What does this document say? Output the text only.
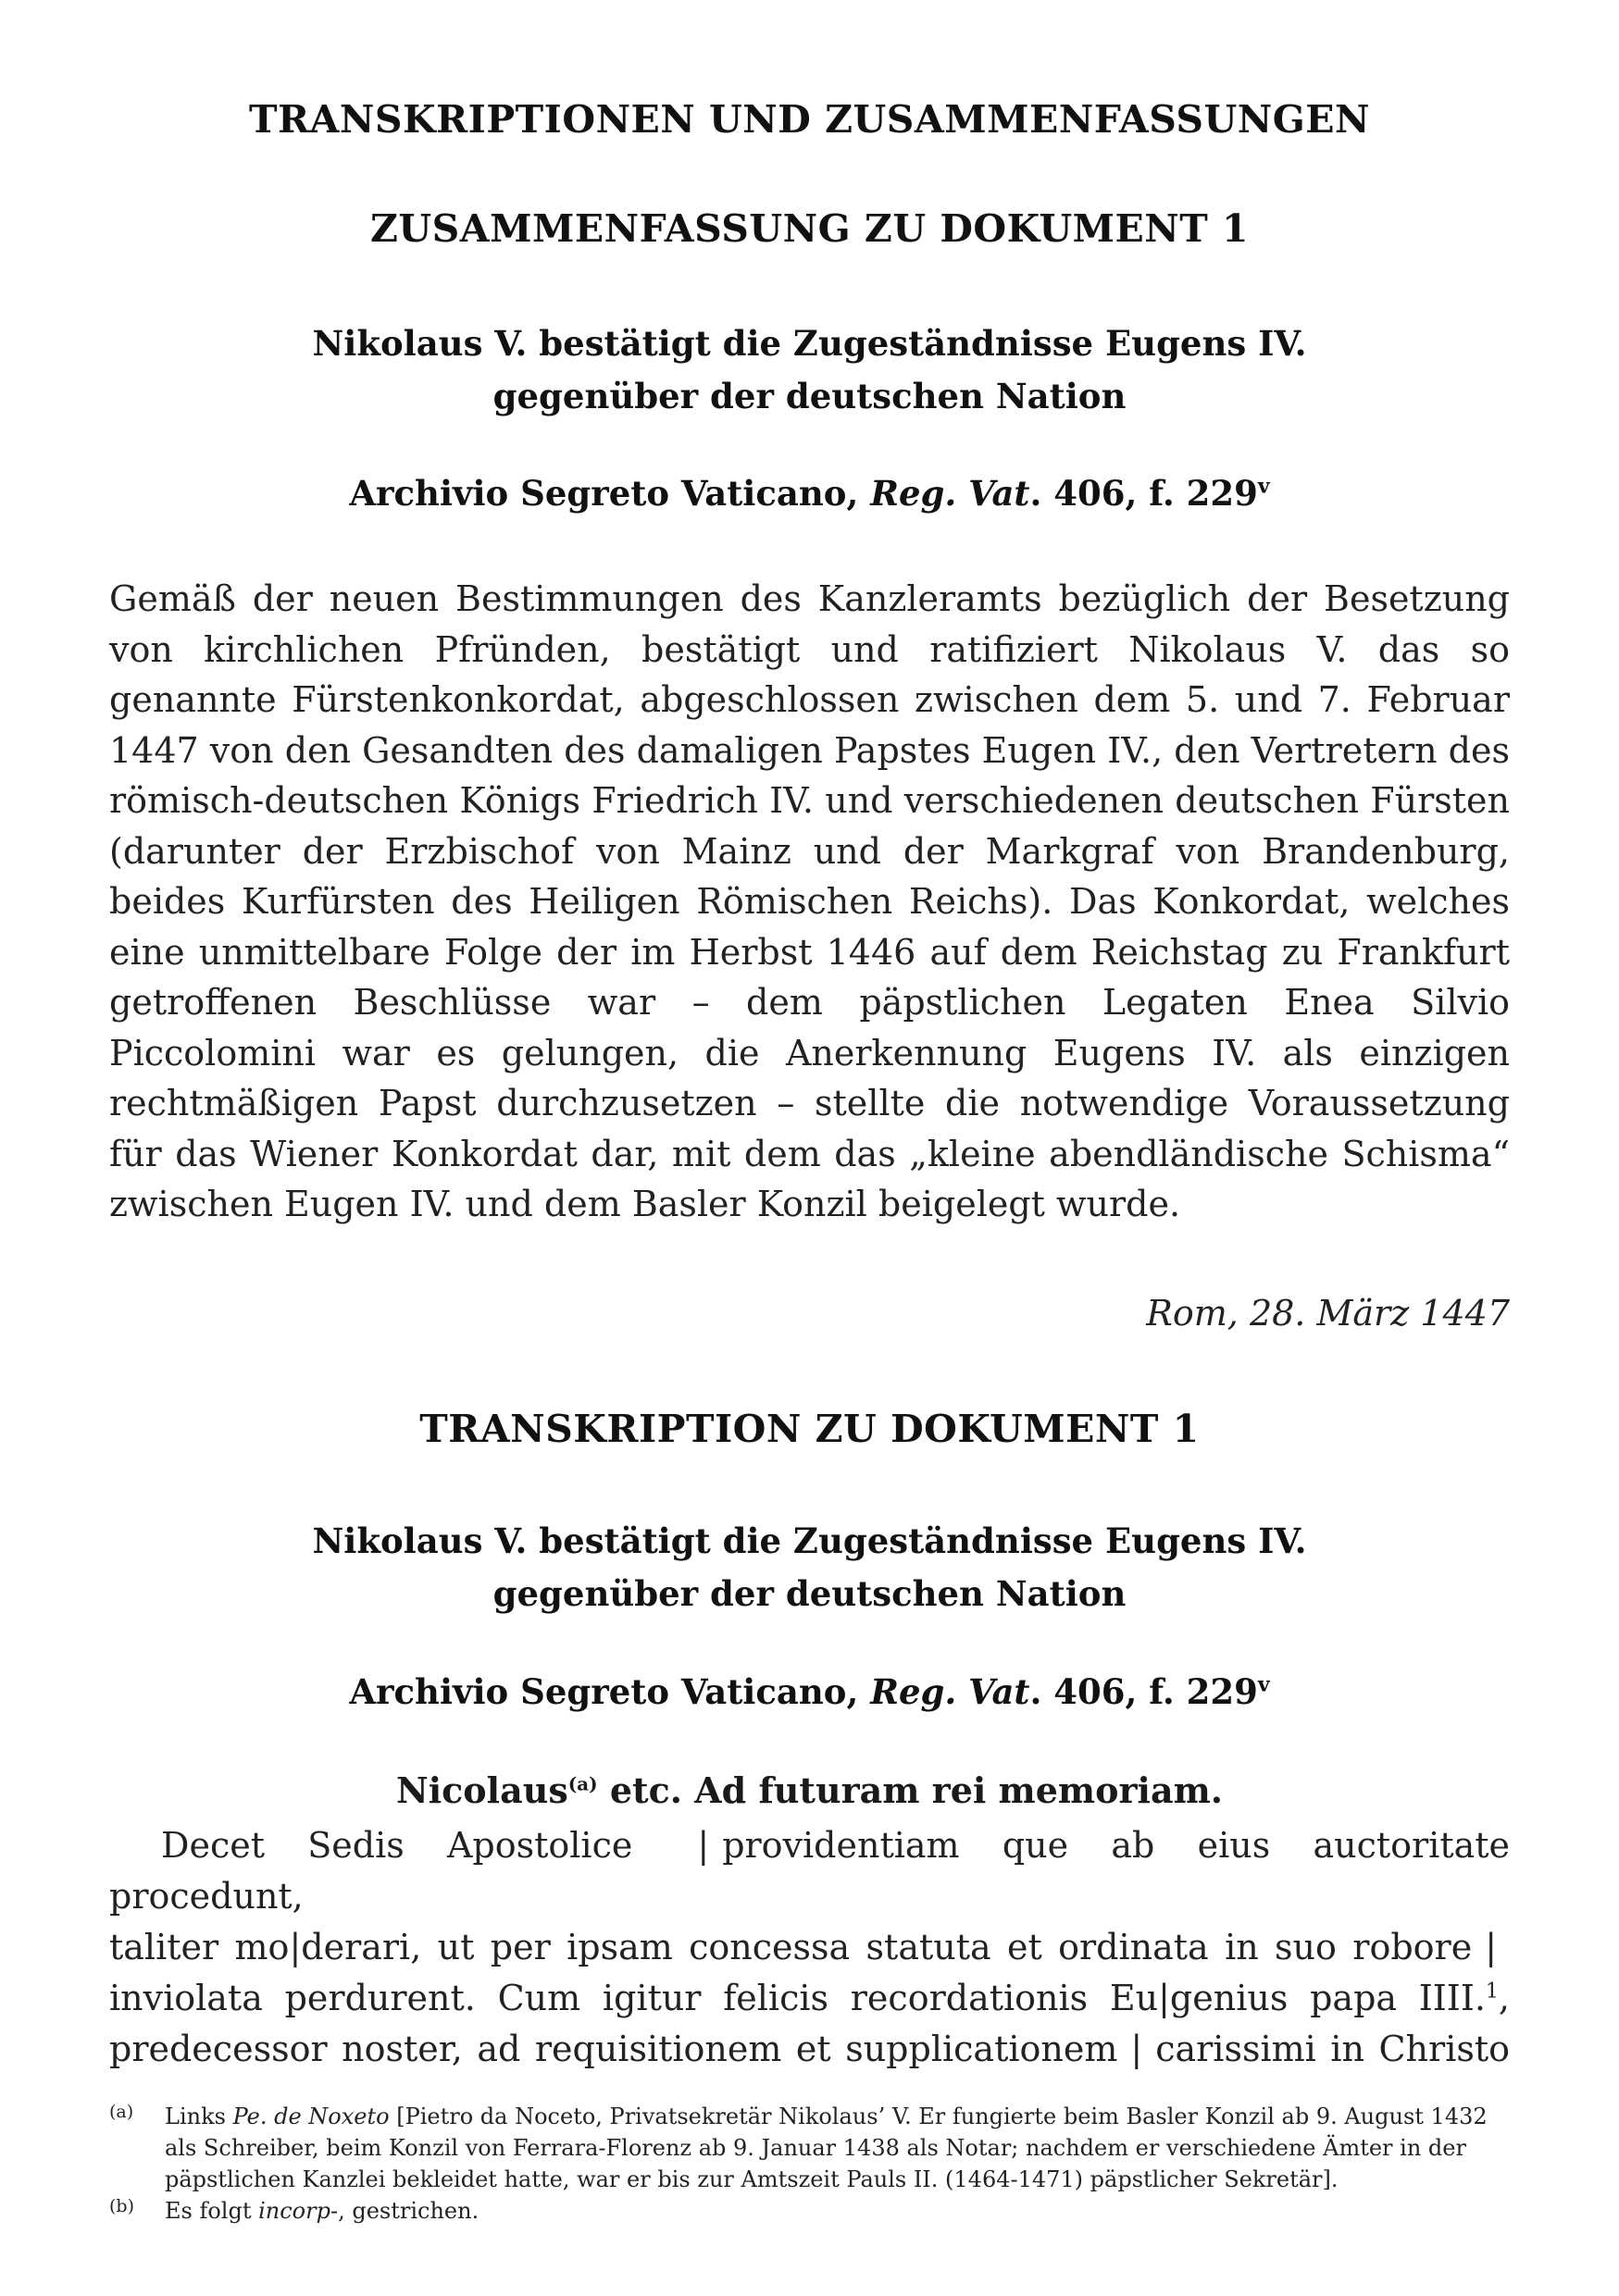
TRANSKRIPTIONEN UND ZUSAMMENFASSUNGEN
ZUSAMMENFASSUNG ZU DOKUMENT 1
Nikolaus V. bestätigt die Zugeständnisse Eugens IV.
gegenüber der deutschen Nation
Archivio Segreto Vaticano, Reg. Vat. 406, f. 229$^v$

Gemäß der neuen Bestimmungen des Kanzleramts bezüglich der Besetzung von kirchlichen Pfründen, bestätigt und ratifiziert Nikolaus V. das so genannte Fürstenkonkordat, abgeschlossen zwischen dem 5. und 7. Februar 1447 von den Gesandten des damaligen Papstes Eugen IV., den Vertretern des römisch-deutschen Königs Friedrich IV. und verschiedenen deutschen Fürsten (darunter der Erzbischof von Mainz und der Markgraf von Brandenburg, beides Kurfürsten des Heiligen Römischen Reichs). Das Konkordat, welches eine unmittelbare Folge der im Herbst 1446 auf dem Reichstag zu Frankfurt getroffenen Beschlüsse war – dem päpstlichen Legaten Enea Silvio Piccolomini war es gelungen, die Anerkennung Eugens IV. als einzigen rechtmäßigen Papst durchzusetzen – stellte die notwendige Voraussetzung für das Wiener Konkordat dar, mit dem das „kleine abendländische Schisma“ zwischen Eugen IV. und dem Basler Konzil beigelegt wurde.

Rom, 28. März 1447
TRANSKRIPTION ZU DOKUMENT 1
Nikolaus V. bestätigt die Zugeständnisse Eugens IV.
gegenüber der deutschen Nation
Archivio Segreto Vaticano, Reg. Vat. 406, f. 229$^v$
Nicolaus$^{(a)}$ etc. Ad futuram rei memoriam.

Decet Sedis Apostolice | providentiam que ab eius auctoritate procedunt,

taliter mo|derari, ut per ipsam concessa statuta et ordinata in suo robore |

inviolata perdurent. Cum igitur felicis recordationis Eu|genius papa IIII.$^1$,

predecessor noster, ad requisitionem et supplicationem | carissimi in Christo

(a)	Links Pe. de Noxeto [Pietro da Noceto, Privatsekretär Nikolaus’ V. Er fungierte beim Basler Konzil ab 9. August 1432 als Schreiber, beim Konzil von Ferrara-Florenz ab 9. Januar 1438 als Notar; nachdem er verschiedene Ämter in der päpstlichen Kanzlei bekleidet hatte, war er bis zur Amtszeit Pauls II. (1464-1471) päpstlicher Sekretär].
(b)	Es folgt incorp-, gestrichen.
